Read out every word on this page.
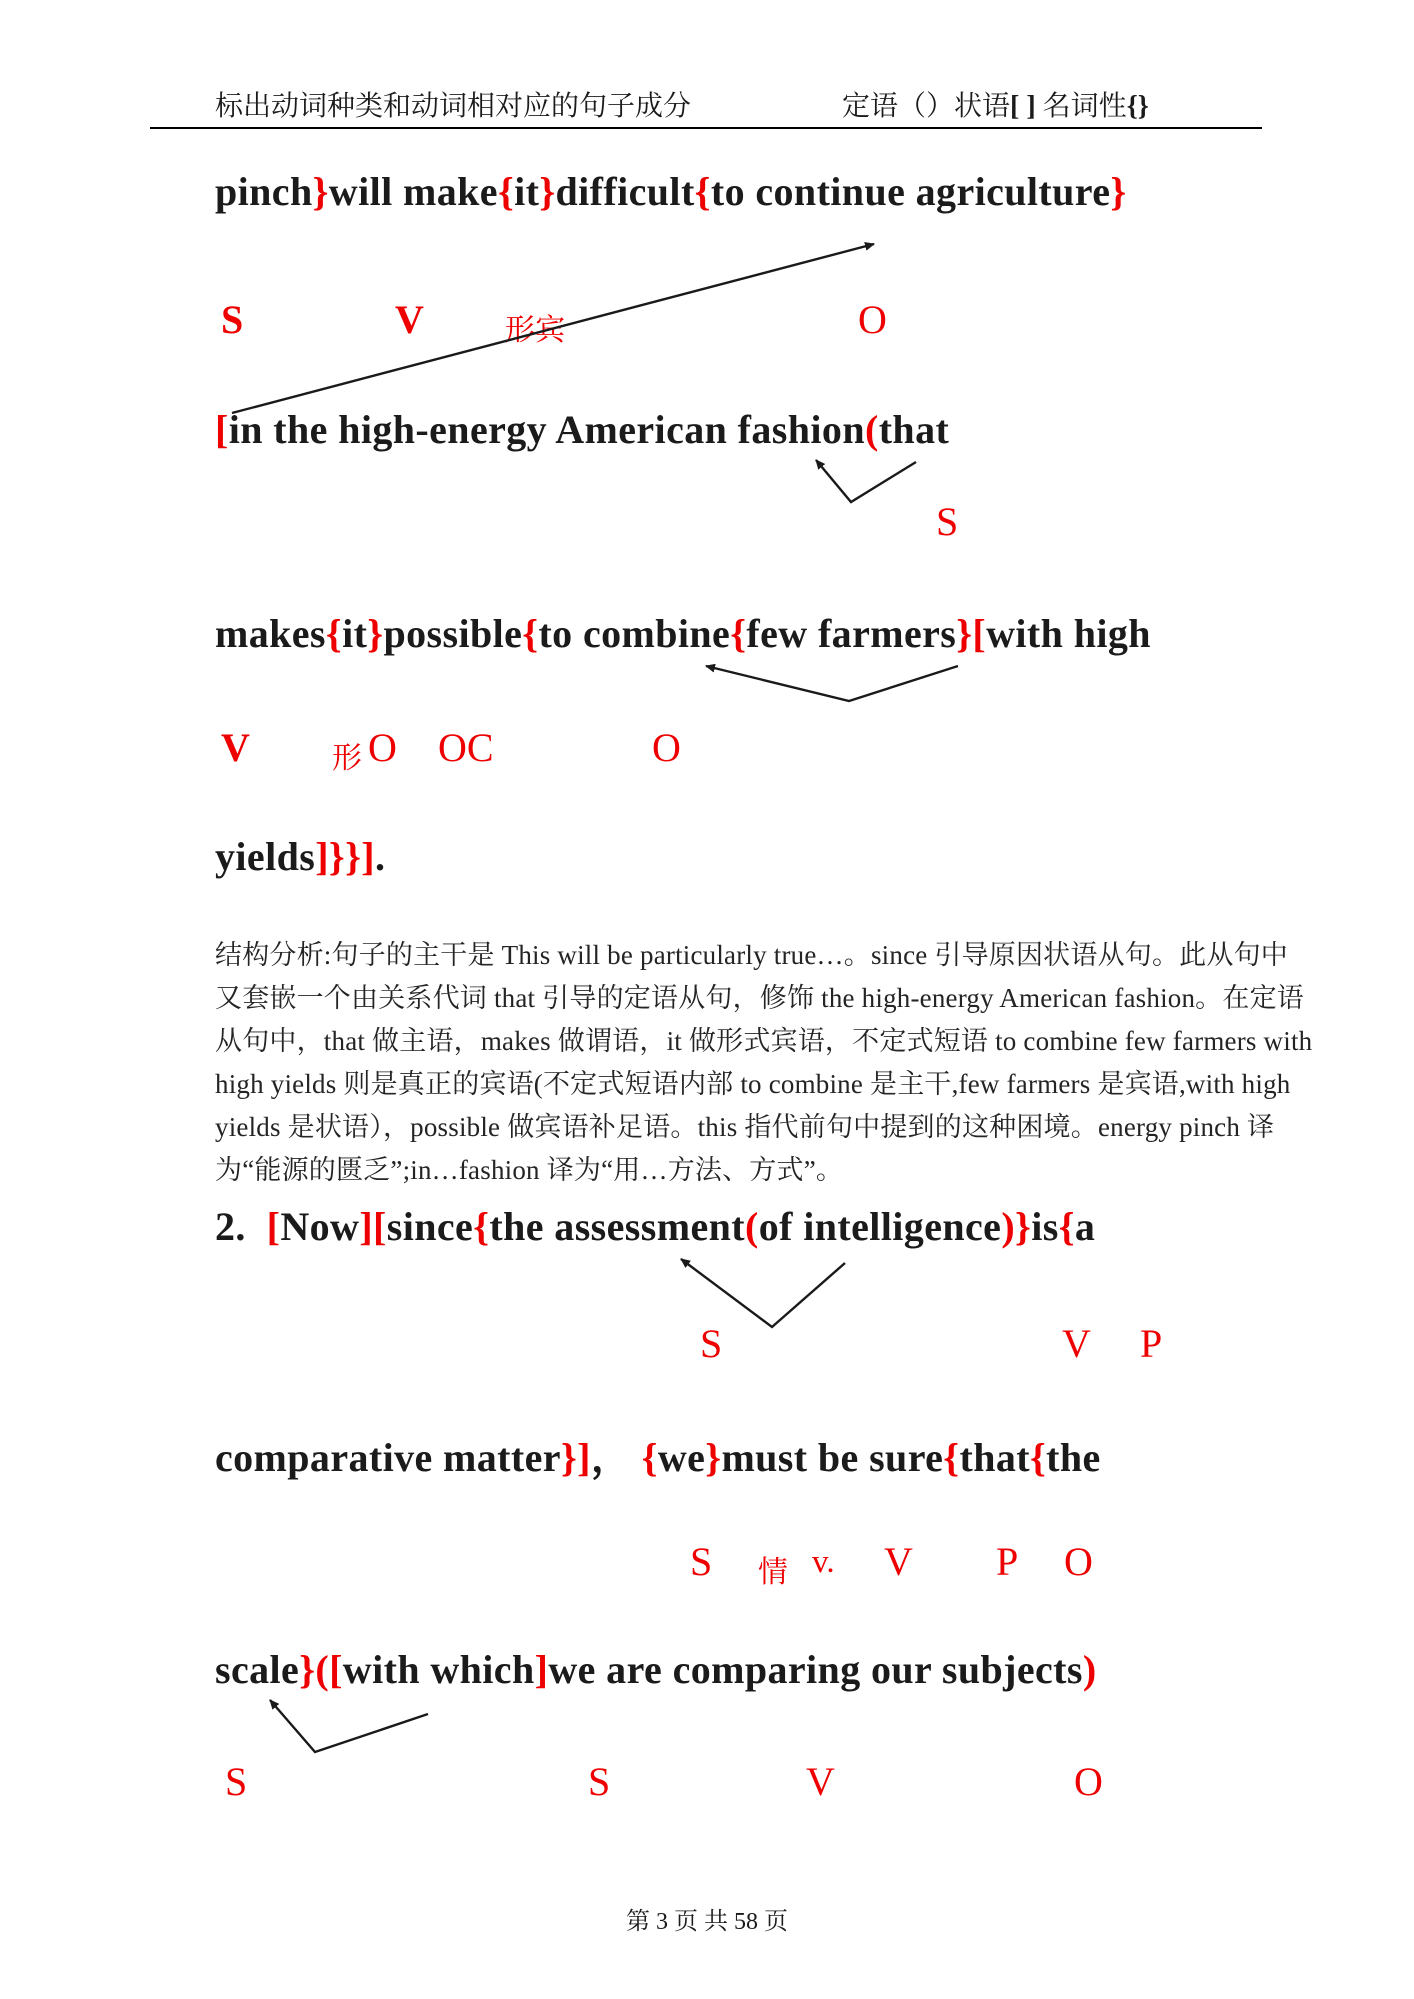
标出动词种类和动词相对应的句子成分	定语（）状语[ ] 名词性{}
pinch}will make{it}difficult{to continue agriculture}
S	V	形宾	O
[in the high-energy American fashion(that
S
makes{it}possible{to combine{few farmers}[with high
V	形 O OC	O
yields]}}].
结构分析:句子的主干是 This will be particularly true…。since 引导原因状语从句。此从句中
又套嵌一个由关系代词 that 引导的定语从句，修饰 the high-energy American fashion。在定语
从句中，that 做主语，makes 做谓语，it 做形式宾语，不定式短语 to combine few farmers with
high yields 则是真正的宾语(不定式短语内部 to combine 是主干,few farmers 是宾语,with high
yields 是状语），possible 做宾语补足语。this 指代前句中提到的这种困境。energy pinch 译
为“能源的匮乏”;in…fashion 译为“用…方法、方式”。
2.  [Now][since{the assessment(of intelligence)}is{a
S	V P
comparative matter}]， {we}must be sure{that{the
S 情 v. V P O
scale}([with which]we are comparing our subjects)
S	S	V	O
第 3 页 共 58 页
